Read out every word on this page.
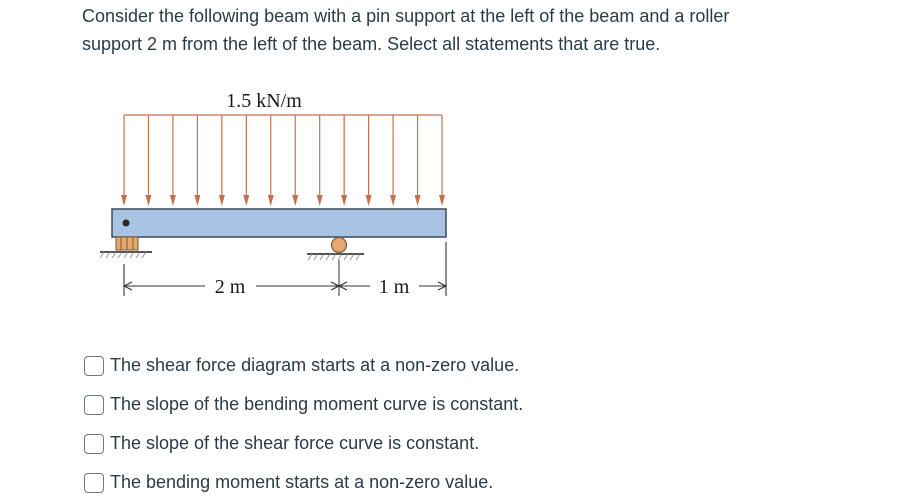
Consider the following beam with a pin support at the left of the beam and a roller
support 2 m from the left of the beam. Select all statements that are true.

1.5 kN/m
2 m	1 m
The shear force diagram starts at a non-zero value.
The slope of the bending moment curve is constant.
The slope of the shear force curve is constant.
The bending moment starts at a non-zero value.
